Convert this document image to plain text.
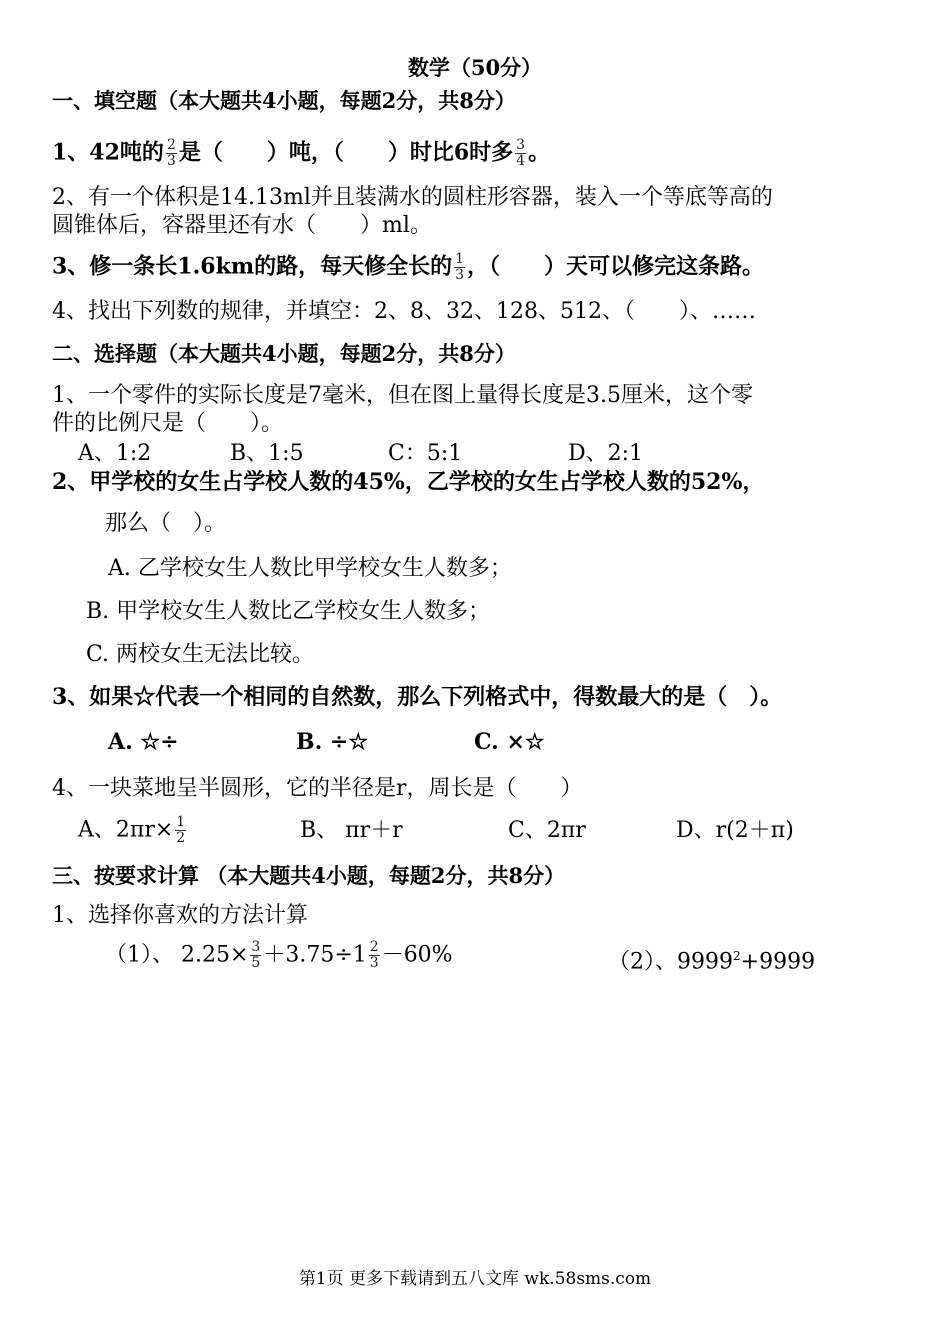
数学（50分）
一、填空题（本大题共4小题，每题2分，共8分）
1、42吨的 $\frac{2}{3}$ 是（　　）吨，（　　）时比6时多 $\frac{3}{4}$ 。
2、有一个体积是14.13ml并且装满水的圆柱形容器，装入一个等底等高的
圆锥体后，容器里还有水（　　）ml。
3、修一条长1.6km的路，每天修全长的 $\frac{1}{3}$ ，（　　）天可以修完这条路。
4、找出下列数的规律，并填空：2、8、32、128、512、（　　）、……
二、选择题（本大题共4小题，每题2分，共8分）
1、一个零件的实际长度是7毫米，但在图上量得长度是3.5厘米，这个零
件的比例尺是（　　）。
A、1:2	B、1:5	C：5:1	D、2:1
2、甲学校的女生占学校人数的45%，乙学校的女生占学校人数的52%，
那么（　）。
A. 乙学校女生人数比甲学校女生人数多；
B. 甲学校女生人数比乙学校女生人数多；
C. 两校女生无法比较。
3、如果☆代表一个相同的自然数，那么下列格式中，得数最大的是（　）。
A. ☆÷	B. ÷☆	C. ×☆
4、一块菜地呈半圆形，它的半径是r，周长是（　　）
A、$2\pi r\times \frac{1}{2}$	B、 πr＋r	C、2πr	D、r(2＋π)
三、按要求计算 （本大题共4小题，每题2分，共8分）
1、选择你喜欢的方法计算
（1）、 $2.25\times \frac{3}{5} +3.75\div 1 \frac{2}{3} -60\%$	（2）、$9999^2+9999$
第1页 更多下载请到五八文库 wk.58sms.com
